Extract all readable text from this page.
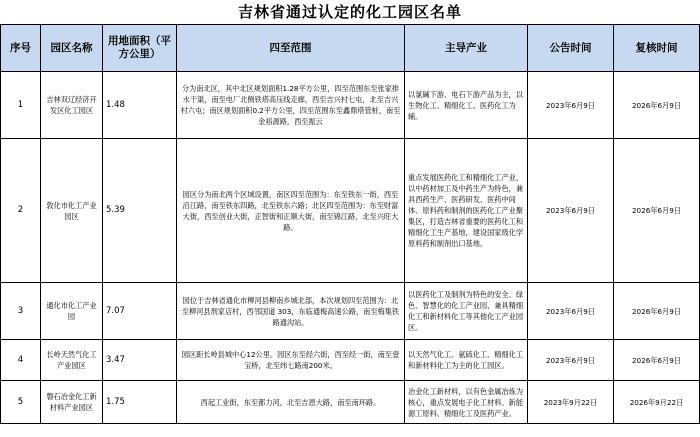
吉林省通过认定的化工园区名单
序号	园区名称	用地面积（平方公里）	四至范围	主导产业	公告时间	复核时间
1	吉林双辽经济开发区化工园区	1.48	分为南北区，其中北区规划面积1.28平方公里，四至范围东至张家排水干渠，南至电厂北侧铁塔高压线走廊，西至吉兴村七屯，北至吉兴村六屯；南区规划面积0.2平方公里，四至范围东至鑫鼎塔管桩，南至金裕源路，西至振云	以氯碱下游、电石下游产品为主，以生物化工、精细化工、医药化工为辅。	2023年6月9日	2026年6月9日
2	敦化市化工产业园区	5.39	园区分为南北两个区域设置，南区四至范围为：东至铁东一街，西至沿江路，南至铁东四路，北至铁东六路；北区四至范围为：东至财富大街，西至创业大街，正智街和正顺大街，南至锦江路，北至兴旺大路。	重点发展医药化工和精细化工产业，以中药材加工及中药生产为特色，兼具西药生产、医药研发、医药中间体、原料药和制剂的医药化工产业聚集区，打造吉林省重要的医药化工和精细化工生产基地，建设国家级化学原料药和制剂出口基地。	2023年6月9日	2026年6月9日
3	通化市化工产业园	7.07	园位于吉林省通化市柳河县柳南乡城北部，本次规划四至范围为：北至柳河县刑家店村，西邻国道 303，东临通梅高速公路，南至梅集铁路通沟站。	以医药化工及制剂为特色的安全、绿色、智慧化的化工产业园，兼具精细化工和新材料化工等其他化工产业园区。	2023年6月9日	2026年6月9日
4	长岭天然气化工产业园区	3.47	园区距长岭县城中心12公里。园区东至经六街，西至经一街，南至壹宝桥，北至纬七路南200米。	以天然气化工、氨硫化工、精细化工和新材料化工为主的化工园区。	2023年6月9日	2026年6月9日
5	磐石冶金化工新材料产业园区	1.75	西起工业街，东至都力河，北至吉恩大路，南至南环路。	冶金化工新材料，以有色金属冶炼为核心，重点发展电子化工材料、新能源工原料、精细化工及医药产业。	2023年9月22日	2026年9月22日
